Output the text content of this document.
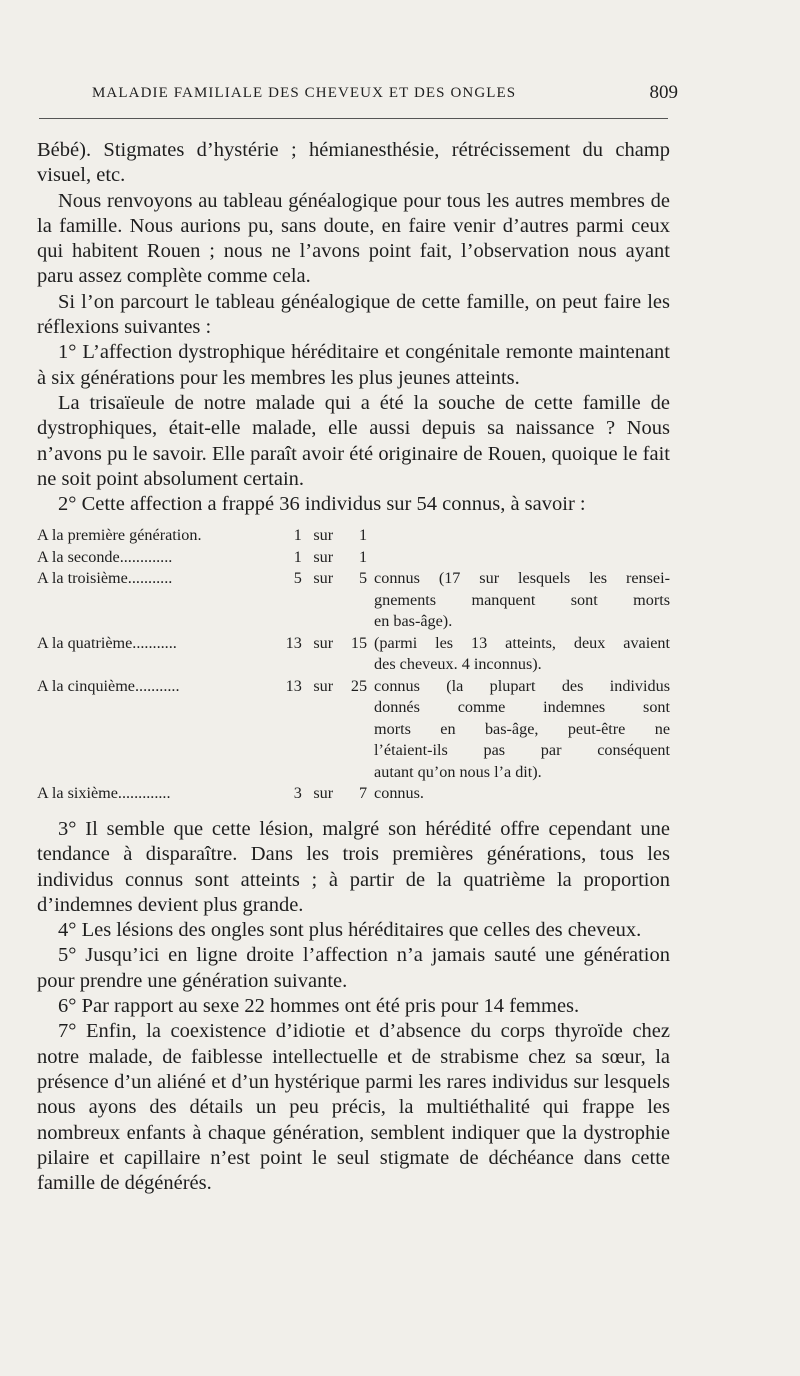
MALADIE FAMILIALE DES CHEVEUX ET DES ONGLES	809

Bébé). Stigmates d’hystérie ; hémianesthésie, rétrécissement du champ visuel, etc.

Nous renvoyons au tableau généalogique pour tous les autres membres de la famille. Nous aurions pu, sans doute, en faire venir d’autres parmi ceux qui habitent Rouen ; nous ne l’avons point fait, l’observation nous ayant paru assez complète comme cela.

Si l’on parcourt le tableau généalogique de cette famille, on peut faire les réflexions suivantes :

1° L’affection dystrophique héréditaire et congénitale remonte maintenant à six générations pour les membres les plus jeunes atteints.

La trisaïeule de notre malade qui a été la souche de cette famille de dystrophiques, était-elle malade, elle aussi depuis sa naissance ? Nous n’avons pu le savoir. Elle paraît avoir été originaire de Rouen, quoique le fait ne soit point absolument certain.

2° Cette affection a frappé 36 individus sur 54 connus, à savoir :

A la première génération.	1 sur	1
A la seconde.............	1 sur	1
A la troisième...........	5 sur	5 connus (17 sur lesquels les rensei-
gnements manquent sont morts
en bas-âge).
A la quatrième...........	13 sur	15 (parmi les 13 atteints, deux avaient
des cheveux. 4 inconnus).
A la cinquième...........	13 sur	25 connus (la plupart des individus
donnés comme indemnes sont
morts en bas-âge, peut-être ne
l’étaient-ils pas par conséquent
autant qu’on nous l’a dit).
A la sixième.............	3 sur	7 connus.

3° Il semble que cette lésion, malgré son hérédité offre cependant une tendance à disparaître. Dans les trois premières générations, tous les individus connus sont atteints ; à partir de la quatrième la proportion d’indemnes devient plus grande.

4° Les lésions des ongles sont plus héréditaires que celles des cheveux.

5° Jusqu’ici en ligne droite l’affection n’a jamais sauté une génération pour prendre une génération suivante.

6° Par rapport au sexe 22 hommes ont été pris pour 14 femmes.

7° Enfin, la coexistence d’idiotie et d’absence du corps thyroïde chez notre malade, de faiblesse intellectuelle et de strabisme chez sa sœur, la présence d’un aliéné et d’un hystérique parmi les rares individus sur lesquels nous ayons des détails un peu précis, la multiéthalité qui frappe les nombreux enfants à chaque génération, semblent indiquer que la dystrophie pilaire et capillaire n’est point le seul stigmate de déchéance dans cette famille de dégénérés.
